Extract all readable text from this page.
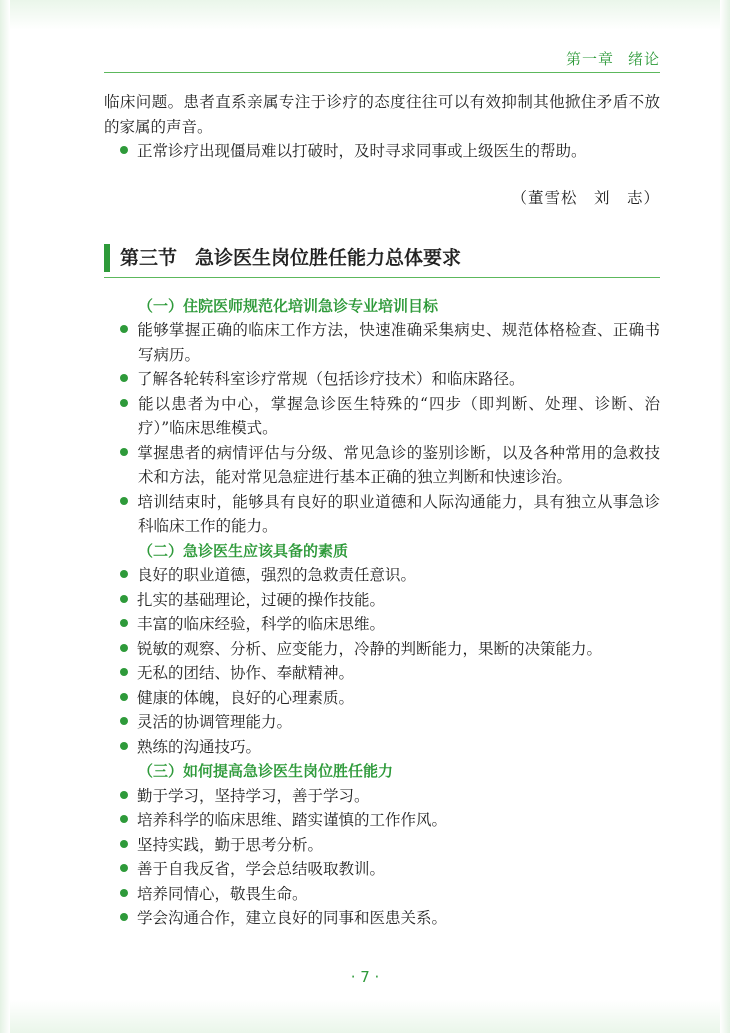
第一章 绪论

临床问题。患者直系亲属专注于诊疗的态度往往可以有效抑制其他掀住矛盾不放的家属的声音。

正常诊疗出现僵局难以打破时，及时寻求同事或上级医生的帮助。

（董雪松　刘　志）
第三节 急诊医生岗位胜任能力总体要求

（一）住院医师规范化培训急诊专业培训目标

能够掌握正确的临床工作方法，快速准确采集病史、规范体格检查、正确书写病历。

了解各轮转科室诊疗常规（包括诊疗技术）和临床路径。

能以患者为中心，掌握急诊医生特殊的“四步（即判断、处理、诊断、治疗）”临床思维模式。

掌握患者的病情评估与分级、常见急诊的鉴别诊断，以及各种常用的急救技术和方法，能对常见急症进行基本正确的独立判断和快速诊治。

培训结束时，能够具有良好的职业道德和人际沟通能力，具有独立从事急诊科临床工作的能力。

（二）急诊医生应该具备的素质

良好的职业道德，强烈的急救责任意识。

扎实的基础理论，过硬的操作技能。

丰富的临床经验，科学的临床思维。

锐敏的观察、分析、应变能力，冷静的判断能力，果断的决策能力。

无私的团结、协作、奉献精神。

健康的体魄，良好的心理素质。

灵活的协调管理能力。

熟练的沟通技巧。

（三）如何提高急诊医生岗位胜任能力

勤于学习，坚持学习，善于学习。

培养科学的临床思维、踏实谨慎的工作作风。

坚持实践，勤于思考分析。

善于自我反省，学会总结吸取教训。

培养同情心，敬畏生命。

学会沟通合作，建立良好的同事和医患关系。

· 7 ·
